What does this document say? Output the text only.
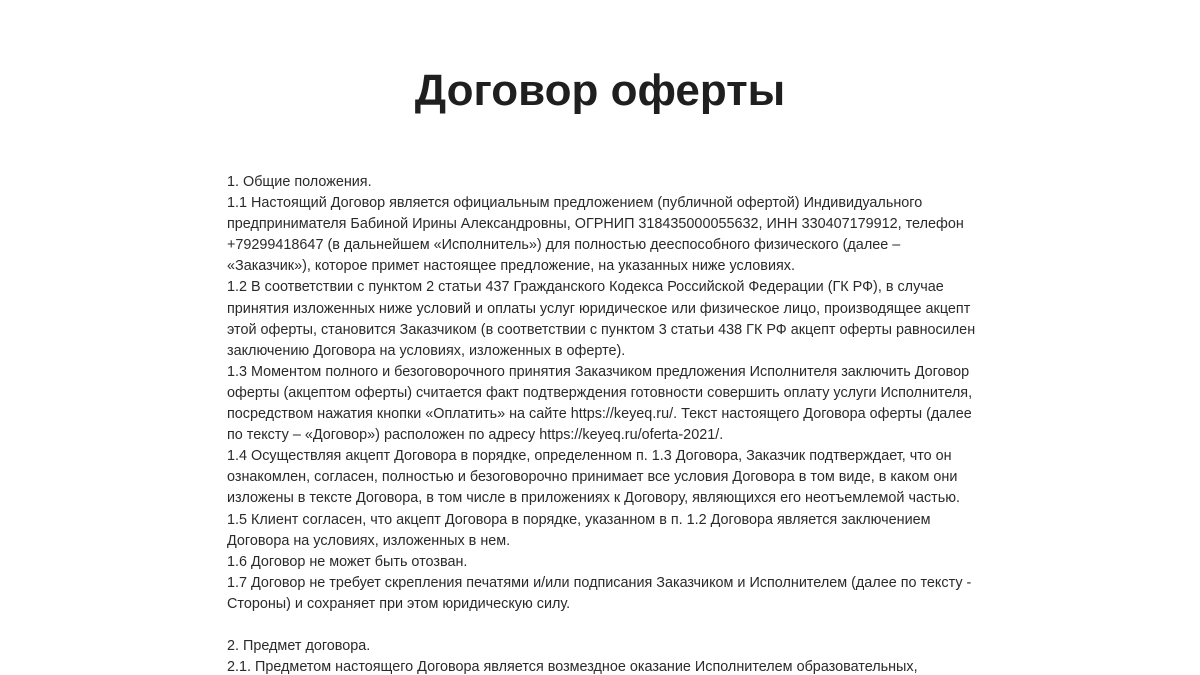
Договор оферты

1. Общие положения.

1.1 Настоящий Договор является официальным предложением (публичной офертой) Индивидуального предпринимателя Бабиной Ирины Александровны, ОГРНИП 318435000055632, ИНН 330407179912, телефон +79299418647 (в дальнейшем «Исполнитель») для полностью дееспособного физического (далее – «Заказчик»), которое примет настоящее предложение, на указанных ниже условиях.

1.2 В соответствии с пунктом 2 статьи 437 Гражданского Кодекса Российской Федерации (ГК РФ), в случае принятия изложенных ниже условий и оплаты услуг юридическое или физическое лицо, производящее акцепт этой оферты, становится Заказчиком (в соответствии с пунктом 3 статьи 438 ГК РФ акцепт оферты равносилен заключению Договора на условиях, изложенных в оферте).

1.3 Моментом полного и безоговорочного принятия Заказчиком предложения Исполнителя заключить Договор оферты (акцептом оферты) считается факт подтверждения готовности совершить оплату услуги Исполнителя, посредством нажатия кнопки «Оплатить» на сайте https://keyeq.ru/. Текст настоящего Договора оферты (далее по тексту – «Договор») расположен по адресу https://keyeq.ru/oferta-2021/.

1.4 Осуществляя акцепт Договора в порядке, определенном п. 1.3 Договора, Заказчик подтверждает, что он ознакомлен, согласен, полностью и безоговорочно принимает все условия Договора в том виде, в каком они изложены в тексте Договора, в том числе в приложениях к Договору, являющихся его неотъемлемой частью.

1.5 Клиент согласен, что акцепт Договора в порядке, указанном в п. 1.2 Договора является заключением Договора на условиях, изложенных в нем.

1.6 Договор не может быть отозван.

1.7 Договор не требует скрепления печатями и/или подписания Заказчиком и Исполнителем (далее по тексту - Стороны) и сохраняет при этом юридическую силу.

2. Предмет договора.

2.1. Предметом настоящего Договора является возмездное оказание Исполнителем образовательных,
